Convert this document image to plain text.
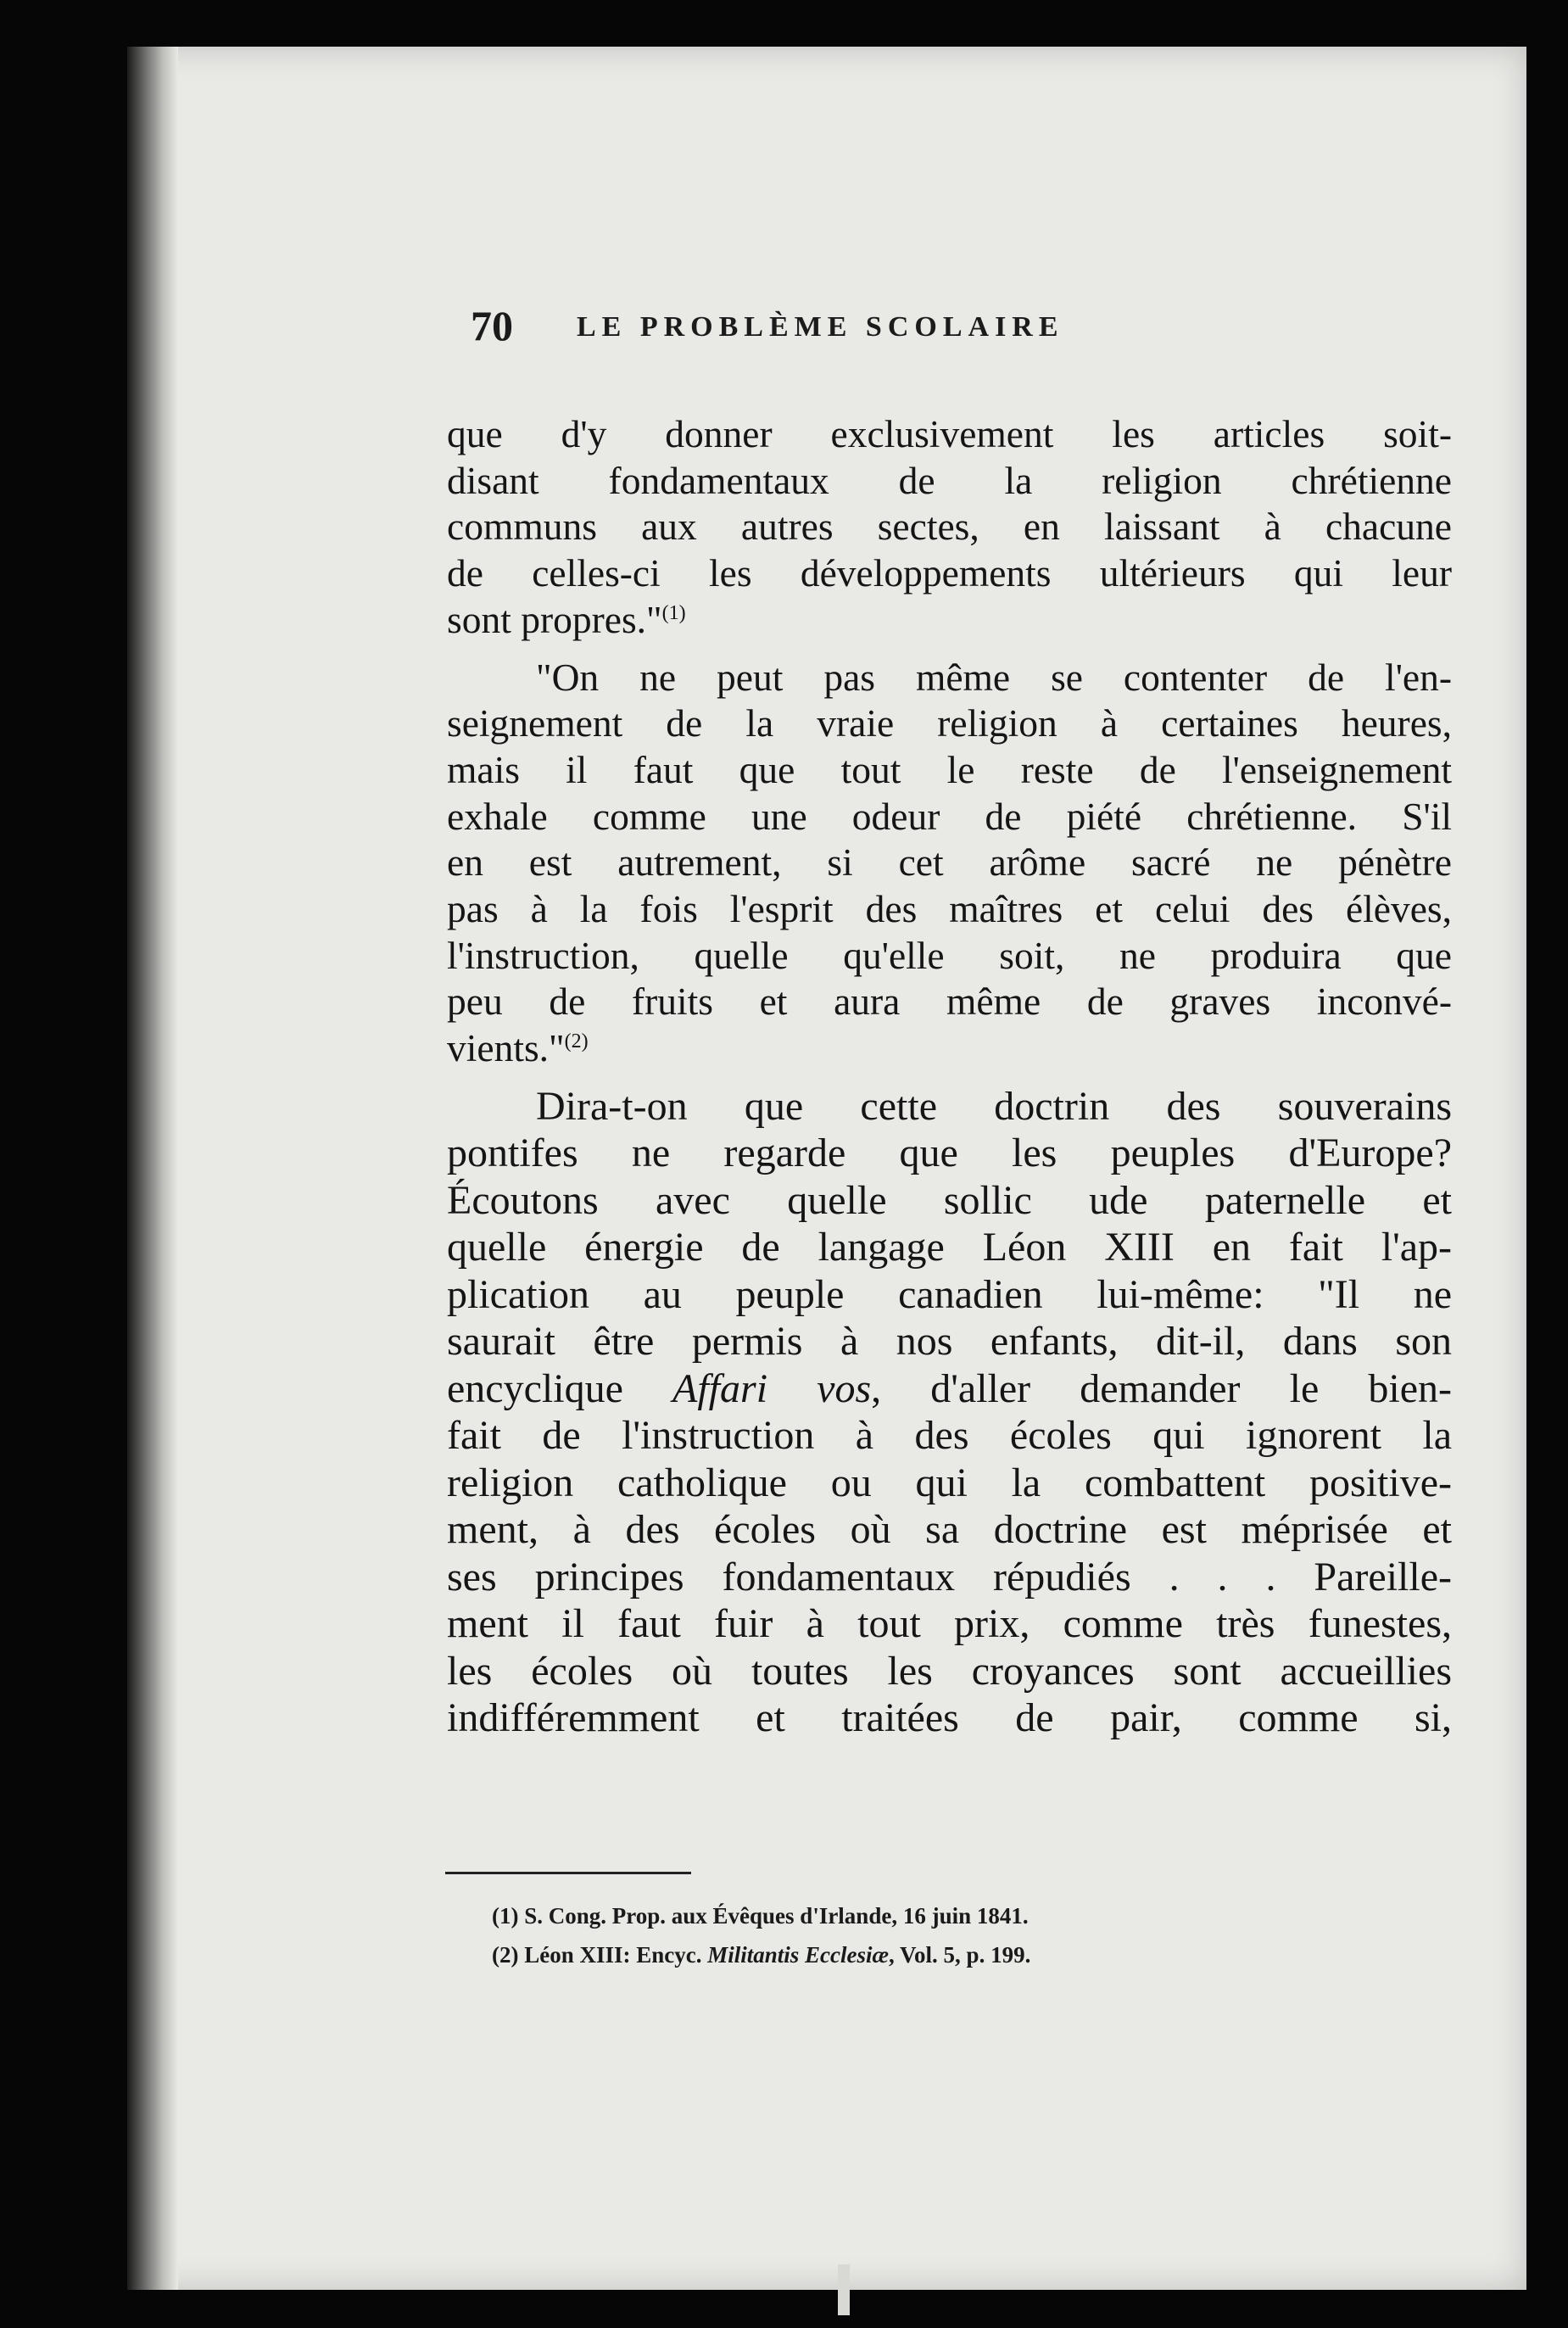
70 LE PROBLÈME SCOLAIRE

que d'y donner exclusivement les articles soit-
disant fondamentaux de la religion chrétienne
communs aux autres sectes, en laissant à chacune
de celles-ci les développements ultérieurs qui leur
sont propres."$^{(1)}$

"On ne peut pas même se contenter de l'en-
seignement de la vraie religion à certaines heures,
mais il faut que tout le reste de l'enseignement
exhale comme une odeur de piété chrétienne. S'il
en est autrement, si cet arôme sacré ne pénètre
pas à la fois l'esprit des maîtres et celui des élèves,
l'instruction, quelle qu'elle soit, ne produira que
peu de fruits et aura même de graves inconvé-
vients."$^{(2)}$

Dira-t-on que cette doctrin des souverains
pontifes ne regarde que les peuples d'Europe?
Écoutons avec quelle sollic ude paternelle et
quelle énergie de langage Léon XIII en fait l'ap-
plication au peuple canadien lui-même: "Il ne
saurait être permis à nos enfants, dit-il, dans son
encyclique Affari vos, d'aller demander le bien-
fait de l'instruction à des écoles qui ignorent la
religion catholique ou qui la combattent positive-
ment, à des écoles où sa doctrine est méprisée et
ses principes fondamentaux répudiés . . . Pareille-
ment il faut fuir à tout prix, comme très funestes,
les écoles où toutes les croyances sont accueillies
indifféremment et traitées de pair, comme si,

(1) S. Cong. Prop. aux Évêques d'Irlande, 16 juin 1841.
(2) Léon XIII: Encyc. Militantis Ecclesiæ, Vol. 5, p. 199.
